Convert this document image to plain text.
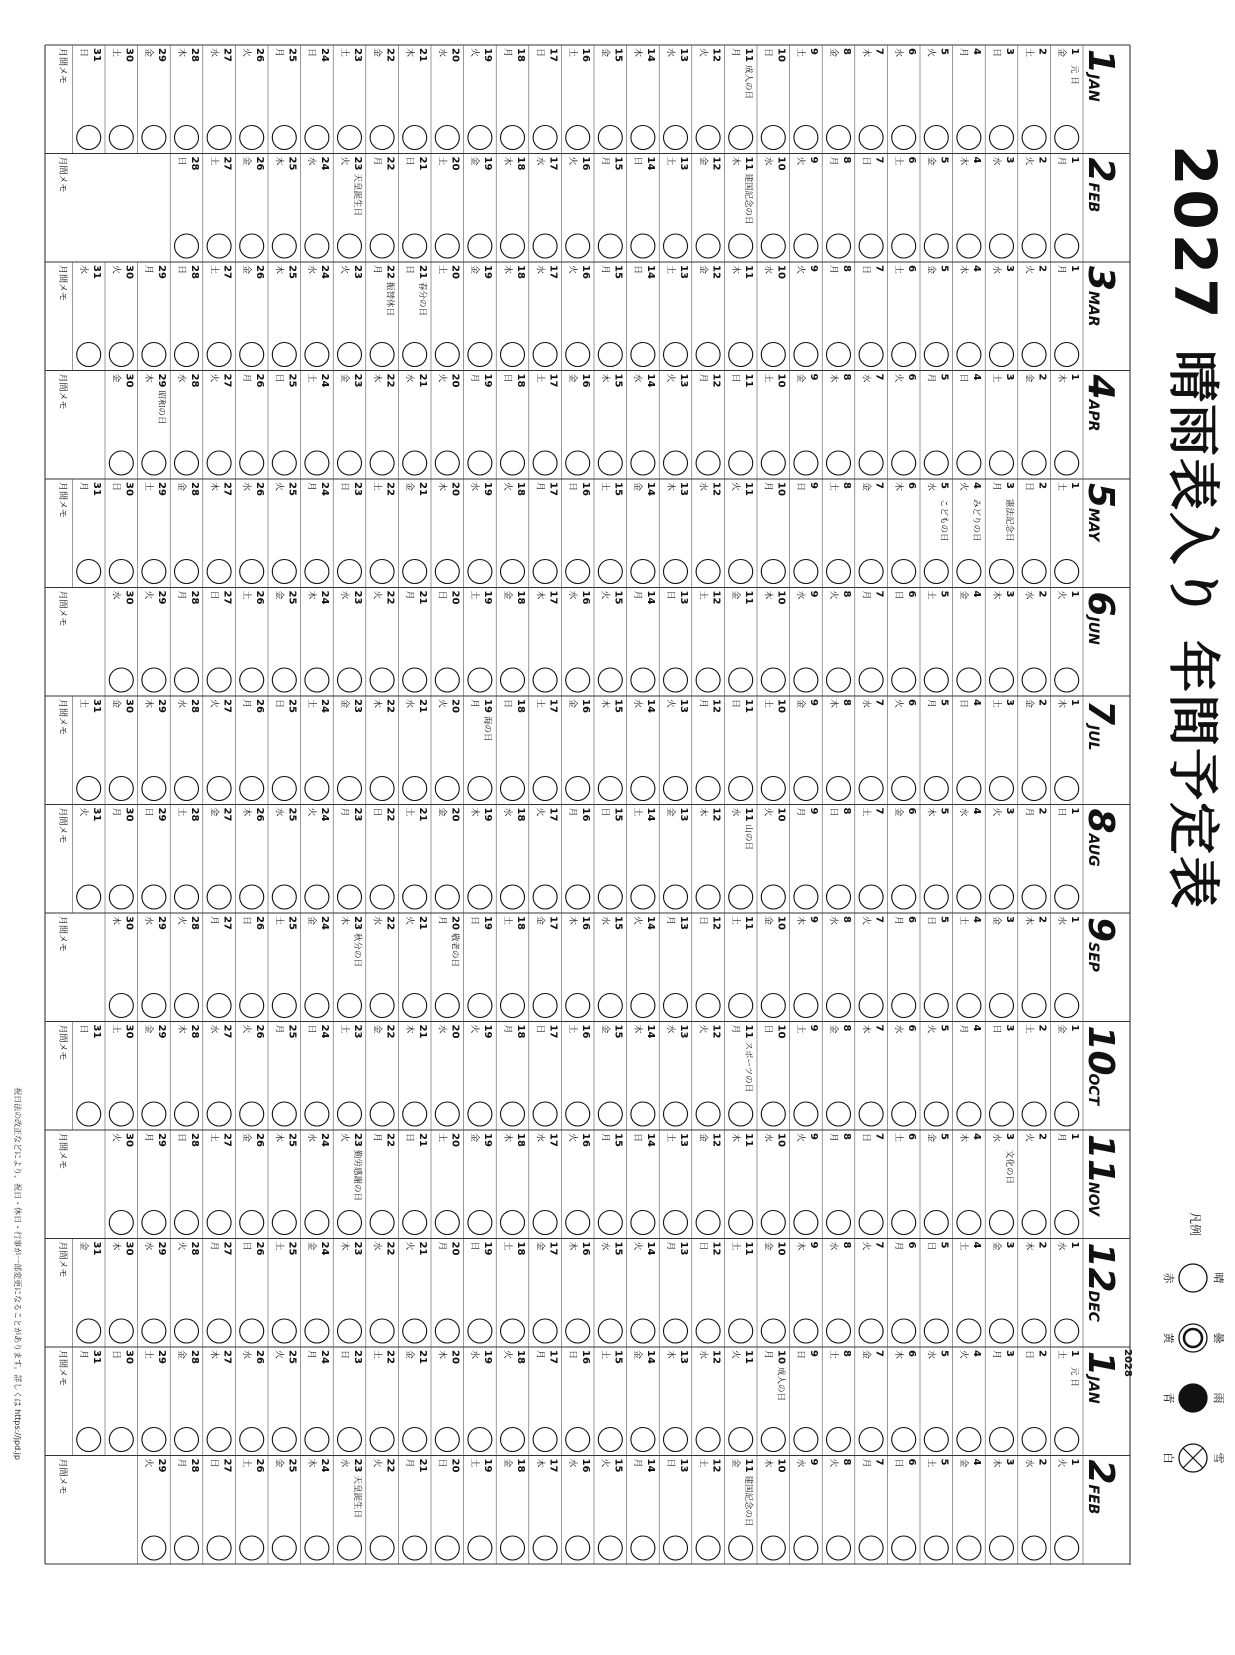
2027
晴雨表入り 年間予定表
凡例
晴
赤
曇
黄
雨
青
雪
白
1
JAN
1
金
元 日
2
土
3
日
4
月
5
火
6
水
7
木
8
金
9
土
10
日
11
月
成人の日
12
火
13
水
14
木
15
金
16
土
17
日
18
月
19
火
20
水
21
木
22
金
23
土
24
日
25
月
26
火
27
水
28
木
29
金
30
土
31
日
月間メモ
2
FEB
1
月
2
火
3
水
4
木
5
金
6
土
7
日
8
月
9
火
10
水
11
木
建国記念の日
12
金
13
土
14
日
15
月
16
火
17
水
18
木
19
金
20
土
21
日
22
月
23
火
天皇誕生日
24
水
25
木
26
金
27
土
28
日
月間メモ
3
MAR
1
月
2
火
3
水
4
木
5
金
6
土
7
日
8
月
9
火
10
水
11
木
12
金
13
土
14
日
15
月
16
火
17
水
18
木
19
金
20
土
21
日
春分の日
22
月
振替休日
23
火
24
水
25
木
26
金
27
土
28
日
29
月
30
火
31
水
月間メモ
4
APR
1
木
2
金
3
土
4
日
5
月
6
火
7
水
8
木
9
金
10
土
11
日
12
月
13
火
14
水
15
木
16
金
17
土
18
日
19
月
20
火
21
水
22
木
23
金
24
土
25
日
26
月
27
火
28
水
29
木
昭和の日
30
金
月間メモ
5
MAY
1
土
2
日
3
月
憲法記念日
4
火
みどりの日
5
水
こどもの日
6
木
7
金
8
土
9
日
10
月
11
火
12
水
13
木
14
金
15
土
16
日
17
月
18
火
19
水
20
木
21
金
22
土
23
日
24
月
25
火
26
水
27
木
28
金
29
土
30
日
31
月
月間メモ
6
JUN
1
火
2
水
3
木
4
金
5
土
6
日
7
月
8
火
9
水
10
木
11
金
12
土
13
日
14
月
15
火
16
水
17
木
18
金
19
土
20
日
21
月
22
火
23
水
24
木
25
金
26
土
27
日
28
月
29
火
30
水
月間メモ
7
JUL
1
木
2
金
3
土
4
日
5
月
6
火
7
水
8
木
9
金
10
土
11
日
12
月
13
火
14
水
15
木
16
金
17
土
18
日
19
月
海の日
20
火
21
水
22
木
23
金
24
土
25
日
26
月
27
火
28
水
29
木
30
金
31
土
月間メモ
8
AUG
1
日
2
月
3
火
4
水
5
木
6
金
7
土
8
日
9
月
10
火
11
水
山の日
12
木
13
金
14
土
15
日
16
月
17
火
18
水
19
木
20
金
21
土
22
日
23
月
24
火
25
水
26
木
27
金
28
土
29
日
30
月
31
火
月間メモ
9
SEP
1
水
2
木
3
金
4
土
5
日
6
月
7
火
8
水
9
木
10
金
11
土
12
日
13
月
14
火
15
水
16
木
17
金
18
土
19
日
20
月
敬老の日
21
火
22
水
23
木
秋分の日
24
金
25
土
26
日
27
月
28
火
29
水
30
木
月間メモ
10
OCT
1
金
2
土
3
日
4
月
5
火
6
水
7
木
8
金
9
土
10
日
11
月
スポーツの日
12
火
13
水
14
木
15
金
16
土
17
日
18
月
19
火
20
水
21
木
22
金
23
土
24
日
25
月
26
火
27
水
28
木
29
金
30
土
31
日
月間メモ
11
NOV
1
月
2
火
3
水
文化の日
4
木
5
金
6
土
7
日
8
月
9
火
10
水
11
木
12
金
13
土
14
日
15
月
16
火
17
水
18
木
19
金
20
土
21
日
22
月
23
火
勤労感謝の日
24
水
25
木
26
金
27
土
28
日
29
月
30
火
月間メモ
12
DEC
1
水
2
木
3
金
4
土
5
日
6
月
7
火
8
水
9
木
10
金
11
土
12
日
13
月
14
火
15
水
16
木
17
金
18
土
19
日
20
月
21
火
22
水
23
木
24
金
25
土
26
日
27
月
28
火
29
水
30
木
31
金
月間メモ
1
JAN
2028
1
土
元 日
2
日
3
月
4
火
5
水
6
木
7
金
8
土
9
日
10
月
成人の日
11
火
12
水
13
木
14
金
15
土
16
日
17
月
18
火
19
水
20
木
21
金
22
土
23
日
24
月
25
火
26
水
27
木
28
金
29
土
30
日
31
月
月間メモ
2
FEB
1
火
2
水
3
木
4
金
5
土
6
日
7
月
8
火
9
水
10
木
11
金
建国記念の日
12
土
13
日
14
月
15
火
16
水
17
木
18
金
19
土
20
日
21
月
22
火
23
水
天皇誕生日
24
木
25
金
26
土
27
日
28
月
29
火
月間メモ
祝日法の改正などにより、祝日・休日・行事が一部変更になることがあります。詳しくは https://jpd.jp
